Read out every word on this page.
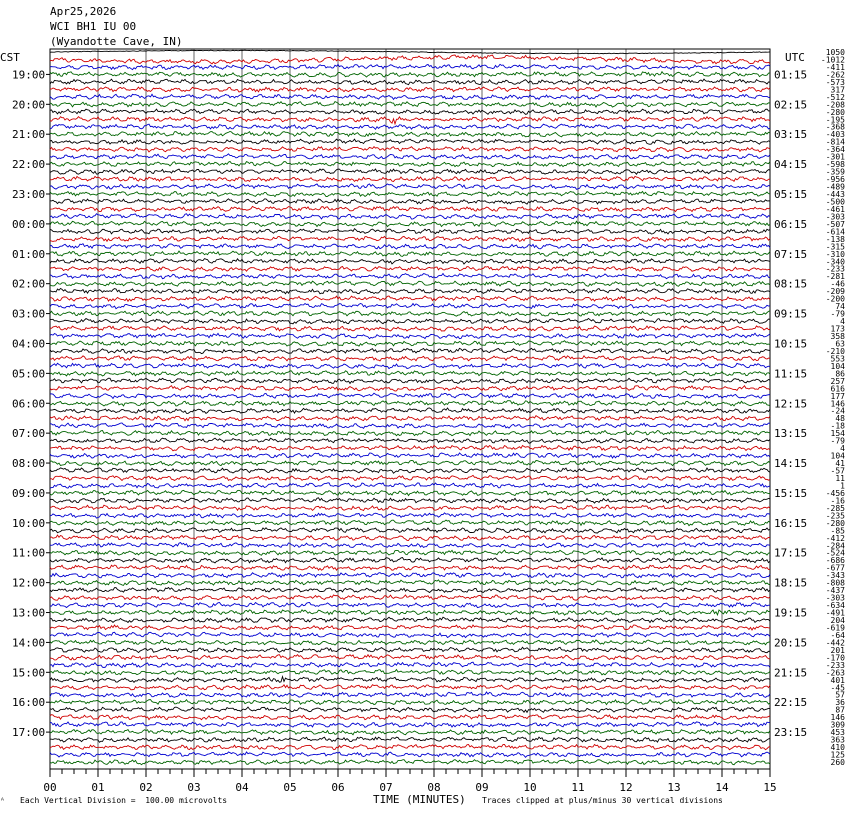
Apr25,2026
WCI BH1 IU 00
(Wyandotte Cave, IN)
CST	UTC	1050
-1012
-411
-262
-573
317
-512
-208
-280
-195
-368
-403
-814
-364
-301
-598
-359
-956
-489
-443
-500
-461
-303
-507
-614
-138
-315
-310
-340
-233
-281
-46
-209
-200
74
-79
4
173
358
63
-210
553
104
86
257
616
177
146
-24
48
-18
154
-79
4
104
41
-57
11
1
-456
-16
-285
-235
-280
-85
-412
-284
-524
-686
-677
-343
-808
-437
-303
-634
-491
204
-619
-64
-442
201
-170
-233
-263
401
-45
57
36
87
146
309
453
363
410
125
260
19:00
20:00
21:00
22:00
23:00
00:00
01:00
02:00
03:00
04:00
05:00
06:00
07:00
08:00
09:00
10:00
11:00
12:00
13:00
14:00
15:00
16:00
17:00
01:15
02:15
03:15
04:15
05:15
06:15
07:15
08:15
09:15
10:15
11:15
12:15
13:15
14:15
15:15
16:15
17:15
18:15
19:15
20:15
21:15
22:15
23:15
00	01	02	03	04	05	06	07	08	09	10	11	12	13	14	15
ᴬ Each Vertical Division =  100.00 microvolts	TIME (MINUTES) Traces clipped at plus/minus 30 vertical divisions
